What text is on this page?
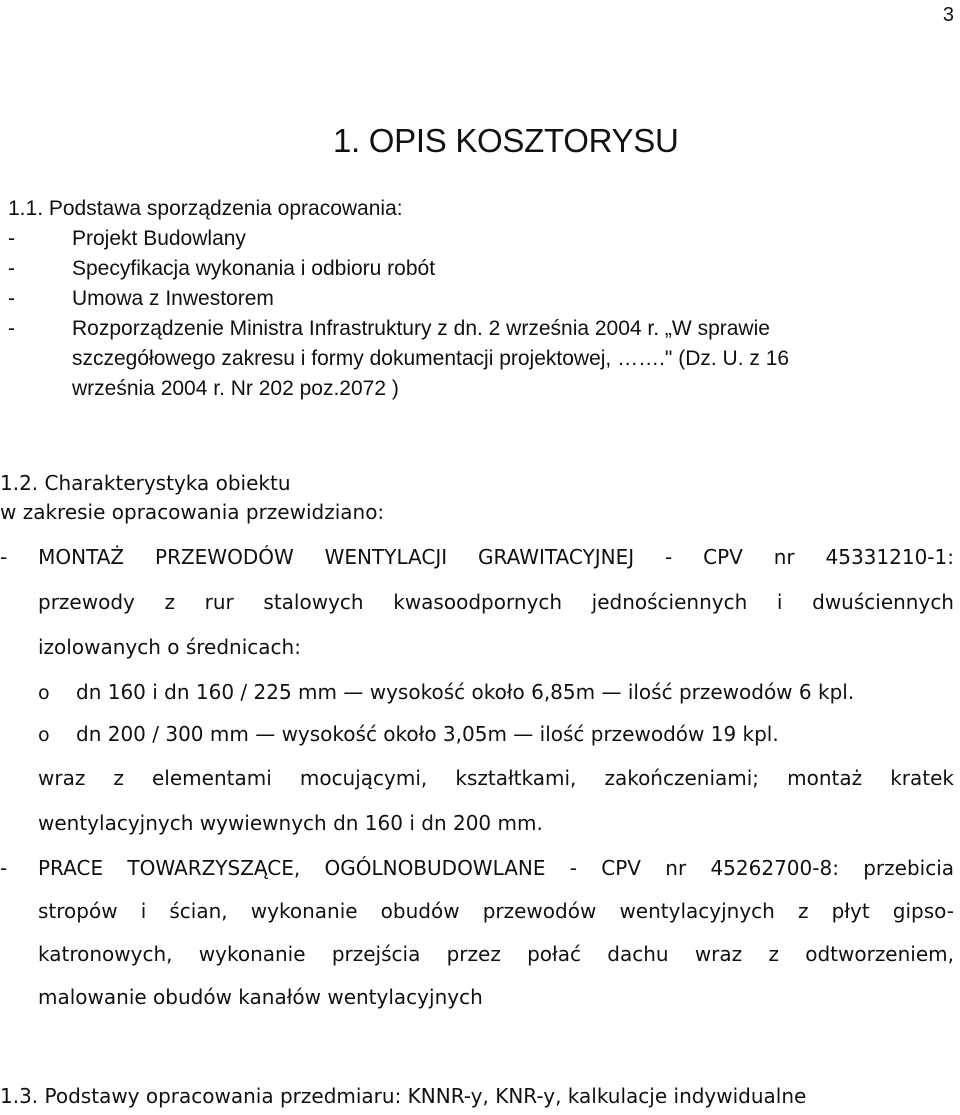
3
1. OPIS KOSZTORYSU
1.1. Podstawa sporządzenia opracowania:
-	Projekt Budowlany
-	Specyfikacja wykonania i odbioru robót
-	Umowa z Inwestorem
-	Rozporządzenie Ministra Infrastruktury z dn. 2 września 2004 r. „W sprawie
szczegółowego zakresu i formy dokumentacji projektowej, ……." (Dz. U. z 16
września 2004 r. Nr 202 poz.2072 )
1.2. Charakterystyka obiektu
w zakresie opracowania przewidziano:
- MONTAŻ PRZEWODÓW WENTYLACJI GRAWITACYJNEJ - CPV nr 45331210-1:
przewody z rur stalowych kwasoodpornych jednościennych i dwuściennych
izolowanych o średnicach:
o dn 160 i dn 160 / 225 mm — wysokość około 6,85m — ilość przewodów 6 kpl.
o dn 200 / 300 mm — wysokość około 3,05m — ilość przewodów 19 kpl.
wraz z elementami mocującymi, kształtkami, zakończeniami; montaż kratek
wentylacyjnych wywiewnych dn 160 i dn 200 mm.
- PRACE TOWARZYSZĄCE, OGÓLNOBUDOWLANE - CPV nr 45262700-8: przebicia
stropów i ścian, wykonanie obudów przewodów wentylacyjnych z płyt gipso-
katronowych, wykonanie przejścia przez połać dachu wraz z odtworzeniem,
malowanie obudów kanałów wentylacyjnych
1.3. Podstawy opracowania przedmiaru: KNNR-y, KNR-y, kalkulacje indywidualne
